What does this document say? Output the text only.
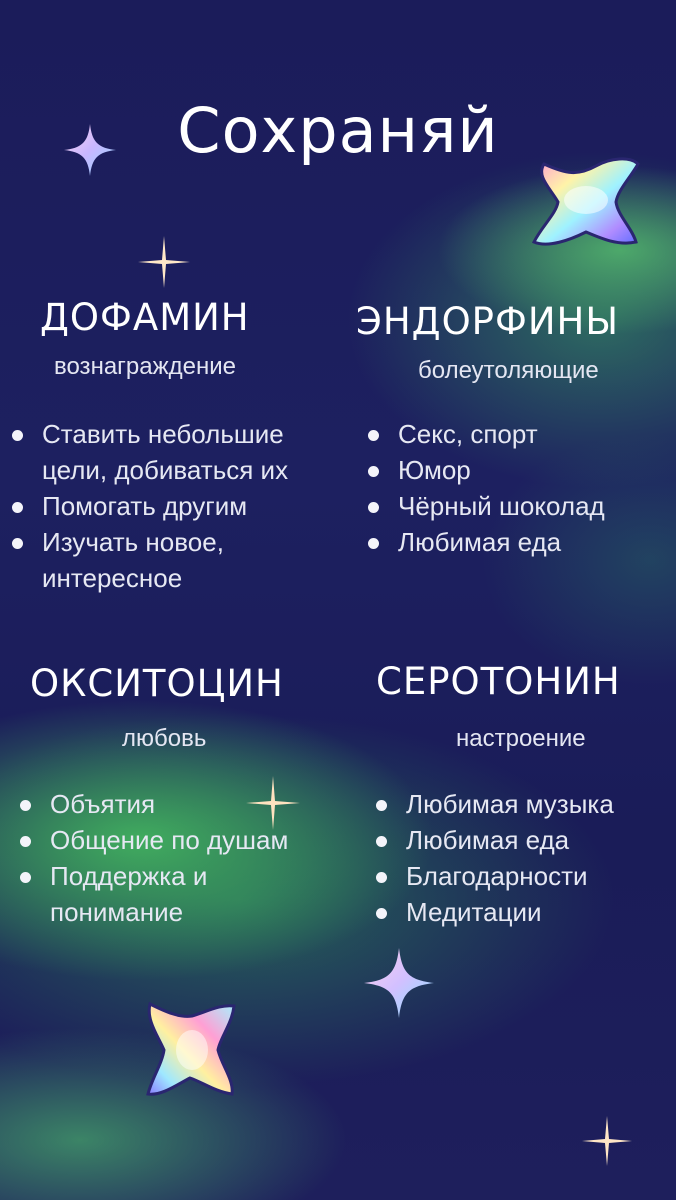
Сохраняй
ДОФАМИН
вознаграждение
Ставить небольшие
цели, добиваться их
Помогать другим
Изучать новое,
интересное
ЭНДОРФИНЫ
болеутоляющие
Секс, спорт
Юмор
Чёрный шоколад
Любимая еда
ОКСИТОЦИН
любовь
Объятия
Общение по душам
Поддержка и
понимание
СЕРОТОНИН
настроение
Любимая музыка
Любимая еда
Благодарности
Медитации
